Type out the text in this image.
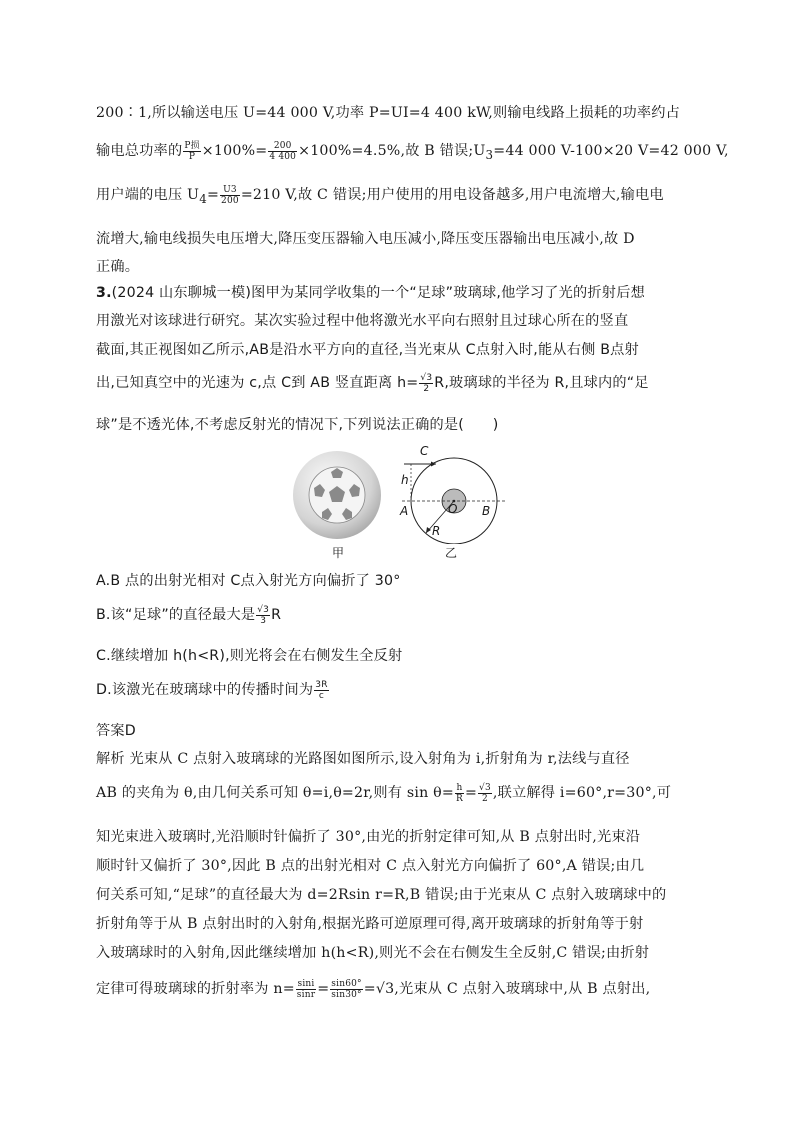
200∶1,所以输送电压 U=44 000 V,功率 P=UI=4 400 kW,则输电线路上损耗的功率约占
输电总功率的 $\frac{\text{P损}}{P} \times 100\%= \frac{200}{4 400} \times 100\%=4.5\%$,故 B 错误$;U_3=44$ 000 V-100×20 V=42 000 V,
用户端的电压 $U_4= \frac{U3}{200} =210$ V,故 C 错误;用户使用的用电设备越多,用户电流增大,输电电
流增大,输电线损失电压增大,降压变压器输入电压减小,降压变压器输出电压减小,故 D
正确。
3.(2024 山东聊城一模)图甲为某同学收集的一个“足球”玻璃球,他学习了光的折射后想
用激光对该球进行研究。某次实验过程中他将激光水平向右照射且过球心所在的竖直
截面,其正视图如乙所示,AB是沿水平方向的直径,当光束从 C点射入时,能从右侧 B点射
出,已知真空中的光速为 c,点 C到 AB 竖直距离 $h= \frac{√3}{2} R$,玻璃球的半径为 R,且球内的“足
球”是不透光体,不考虑反射光的情况下,下列说法正确的是(　　)
甲
C
h
A	O B
R
乙
A.B 点的出射光相对 C点入射光方向偏折了 30°
B.该“足球”的直径最大是 $\frac{√3}{3}$ R
C.继续增加 h(h<R),则光将会在右侧发生全反射
D.该激光在玻璃球中的传播时间为 $\frac{3R}{c}$
答案D
解析 光束从 C 点射入玻璃球的光路图如图所示,设入射角为 i,折射角为 r,法线与直径
AB 的夹角为 θ,由几何关系可知 θ=i,θ=2r,则有 $\sin \theta= \frac{h}{R} = \frac{√3}{2}$ ,联立解得 i=60°,r=30°,可
知光束进入玻璃时,光沿顺时针偏折了 30°,由光的折射定律可知,从 B 点射出时,光束沿
顺时针又偏折了 30°,因此 B 点的出射光相对 C 点入射光方向偏折了 60°,A 错误;由几
何关系可知,“足球”的直径最大为 d=2Rsin r=R,B 错误;由于光束从 C 点射入玻璃球中的
折射角等于从 B 点射出时的入射角,根据光路可逆原理可得,离开玻璃球的折射角等于射
入玻璃球时的入射角,因此继续增加 h(h<R),则光不会在右侧发生全反射,C 错误;由折射
定律可得玻璃球的折射率为 $n= \frac{\sin i}{\sin r} = \frac{\sin 60^\circ}{\sin 30^\circ} =√3$,光束从 C 点射入玻璃球中,从 B 点射出,
